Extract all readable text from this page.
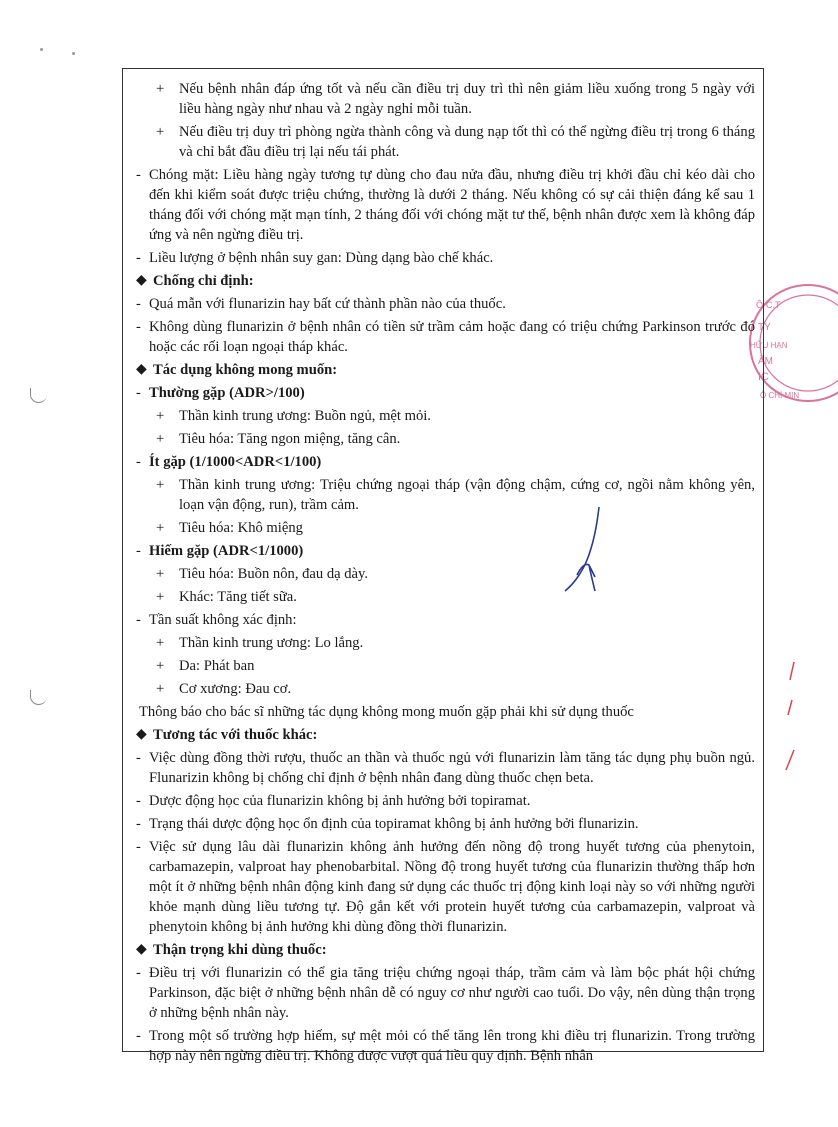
Ô-C.T
TY
HỮU HẠN
ÂM
IC
Ô CHÍ MIN
+ Nếu bệnh nhân đáp ứng tốt và nếu cần điều trị duy trì thì nên giảm liều xuống trong 5 ngày với liều hàng ngày như nhau và 2 ngày nghỉ mỗi tuần.
+ Nếu điều trị duy trì phòng ngừa thành công và dung nạp tốt thì có thể ngừng điều trị trong 6 tháng và chỉ bắt đầu điều trị lại nếu tái phát.
- Chóng mặt: Liều hàng ngày tương tự dùng cho đau nửa đầu, nhưng điều trị khởi đầu chỉ kéo dài cho đến khi kiểm soát được triệu chứng, thường là dưới 2 tháng. Nếu không có sự cải thiện đáng kể sau 1 tháng đối với chóng mặt mạn tính, 2 tháng đối với chóng mặt tư thế, bệnh nhân được xem là không đáp ứng và nên ngừng điều trị.
- Liều lượng ở bệnh nhân suy gan: Dùng dạng bào chế khác.
◆ Chống chỉ định:
- Quá mẫn với flunarizin hay bất cứ thành phần nào của thuốc.
- Không dùng flunarizin ở bệnh nhân có tiền sử trầm cảm hoặc đang có triệu chứng Parkinson trước đó hoặc các rối loạn ngoại tháp khác.
◆ Tác dụng không mong muốn:
- Thường gặp (ADR>/100)
+ Thần kinh trung ương: Buồn ngủ, mệt mỏi.
+ Tiêu hóa: Tăng ngon miệng, tăng cân.
- Ít gặp (1/1000<ADR<1/100)
+ Thần kinh trung ương: Triệu chứng ngoại tháp (vận động chậm, cứng cơ, ngồi nằm không yên, loạn vận động, run), trầm cảm.
+ Tiêu hóa: Khô miệng
- Hiếm gặp (ADR<1/1000)
+ Tiêu hóa: Buồn nôn, đau dạ dày.
+ Khác: Tăng tiết sữa.
- Tần suất không xác định:
+ Thần kinh trung ương: Lo lắng.
+ Da: Phát ban
+ Cơ xương: Đau cơ.
Thông báo cho bác sĩ những tác dụng không mong muốn gặp phải khi sử dụng thuốc
◆ Tương tác với thuốc khác:
- Việc dùng đồng thời rượu, thuốc an thần và thuốc ngủ với flunarizin làm tăng tác dụng phụ buồn ngủ. Flunarizin không bị chống chỉ định ở bệnh nhân đang dùng thuốc chẹn beta.
- Dược động học của flunarizin không bị ảnh hưởng bởi topiramat.
- Trạng thái dược động học ổn định của topiramat không bị ảnh hưởng bởi flunarizin.
- Việc sử dụng lâu dài flunarizin không ảnh hưởng đến nồng độ trong huyết tương của phenytoin, carbamazepin, valproat hay phenobarbital. Nồng độ trong huyết tương của flunarizin thường thấp hơn một ít ở những bệnh nhân động kinh đang sử dụng các thuốc trị động kinh loại này so với những người khỏe mạnh dùng liều tương tự. Độ gắn kết với protein huyết tương của carbamazepin, valproat và phenytoin không bị ảnh hưởng khi dùng đồng thời flunarizin.
◆ Thận trọng khi dùng thuốc:
- Điều trị với flunarizin có thể gia tăng triệu chứng ngoại tháp, trầm cảm và làm bộc phát hội chứng Parkinson, đặc biệt ở những bệnh nhân dễ có nguy cơ như người cao tuổi. Do vậy, nên dùng thận trọng ở những bệnh nhân này.
- Trong một số trường hợp hiếm, sự mệt mỏi có thể tăng lên trong khi điều trị flunarizin. Trong trường hợp này nên ngừng điều trị. Không được vượt quá liều quy định. Bệnh nhân
